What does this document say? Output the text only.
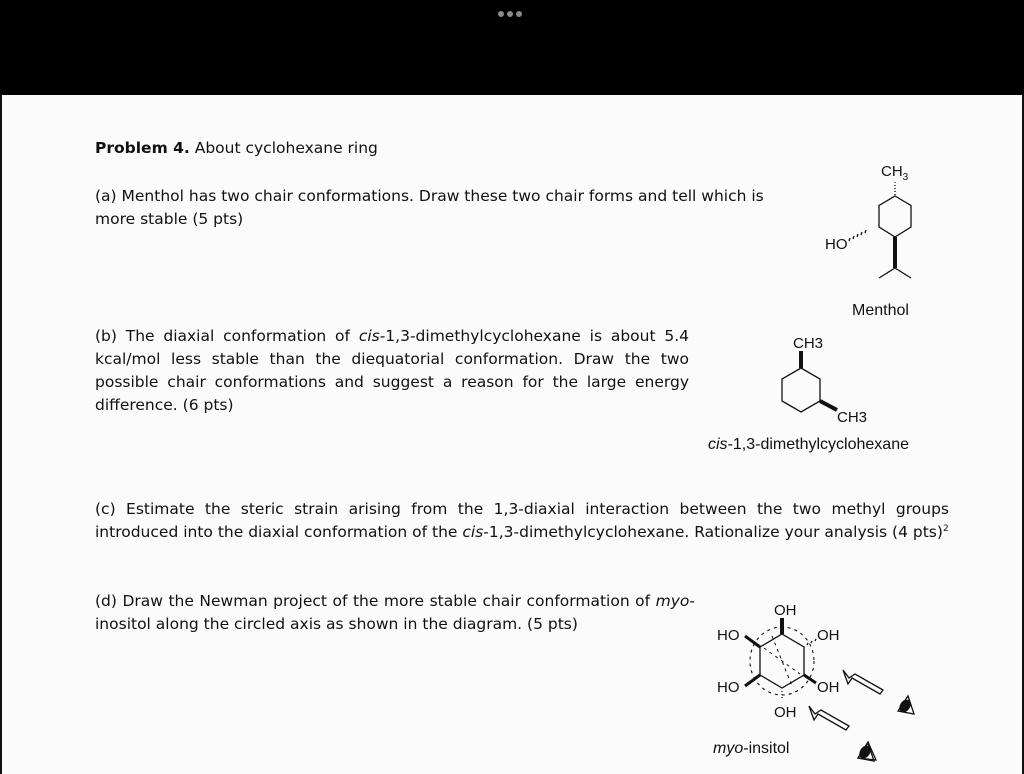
Problem 4. About cyclohexane ring

(a) Menthol has two chair conformations. Draw these two chair forms and tell which is

more stable (5 pts)

(b) The diaxial conformation of cis-1,3-dimethylcyclohexane is about 5.4 kcal/mol less stable than the diequatorial conformation. Draw the two possible chair conformations and suggest a reason for the large energy difference. (6 pts)

(c) Estimate the steric strain arising from the 1,3-diaxial interaction between the two methyl groups introduced into the diaxial conformation of the cis-1,3-dimethylcyclohexane. Rationalize your analysis (4 pts)$^2$

(d) Draw the Newman project of the more stable chair conformation of myo-inositol along the circled axis as shown in the diagram. (5 pts)

$CH_3$
HO
Menthol
CH3
CH3
cis-1,3-dimethylcyclohexane
OH
HO	OH
HO	OH
OH
myo-insitol
